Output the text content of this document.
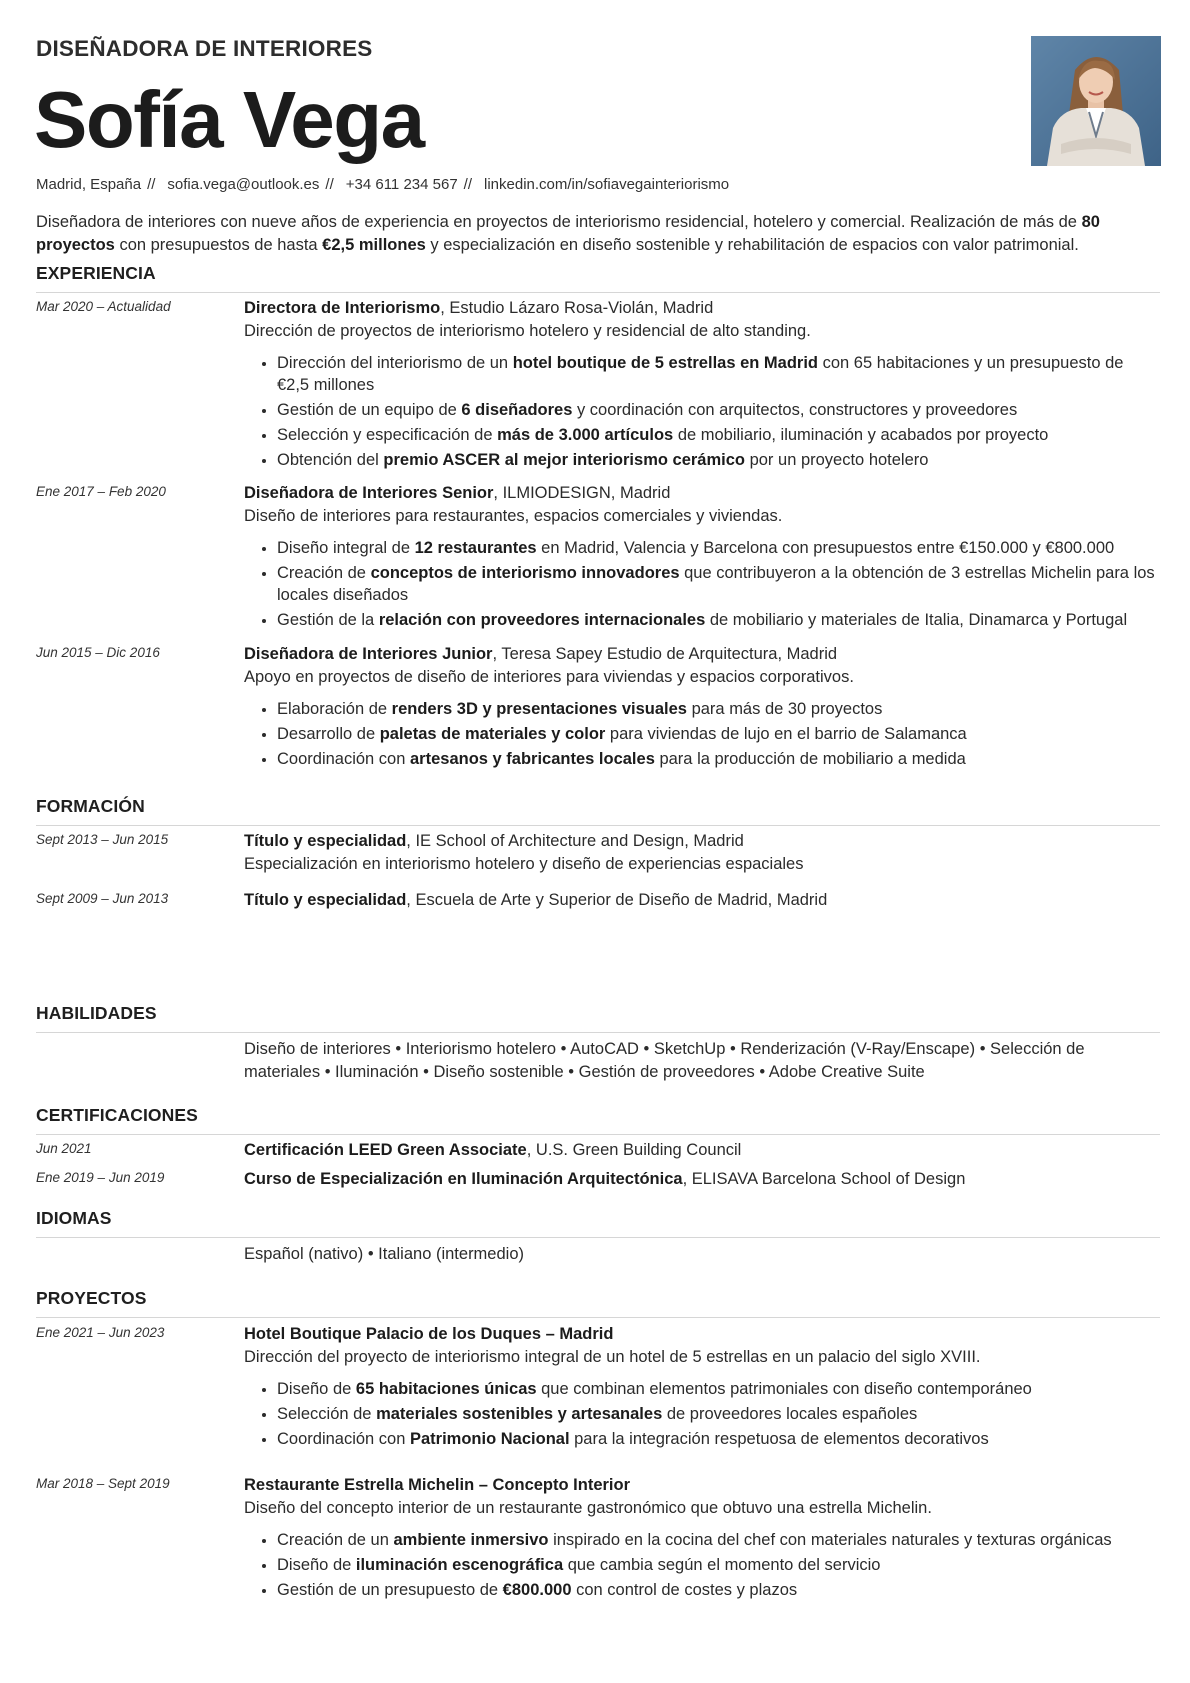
DISEÑADORA DE INTERIORES
Sofía Vega
Madrid, España // sofia.vega@outlook.es // +34 611 234 567 // linkedin.com/in/sofiavegainteriorismo

Diseñadora de interiores con nueve años de experiencia en proyectos de interiorismo residencial, hotelero y comercial. Realización de más de 80 proyectos con presupuestos de hasta €2,5 millones y especialización en diseño sostenible y rehabilitación de espacios con valor patrimonial.

EXPERIENCIA
Mar 2020 – Actualidad	Directora de Interiorismo, Estudio Lázaro Rosa-Violán, Madrid
Dirección de proyectos de interiorismo hotelero y residencial de alto standing.
• Dirección del interiorismo de un hotel boutique de 5 estrellas en Madrid con 65 habitaciones y un presupuesto de €2,5 millones
• Gestión de un equipo de 6 diseñadores y coordinación con arquitectos, constructores y proveedores
• Selección y especificación de más de 3.000 artículos de mobiliario, iluminación y acabados por proyecto
• Obtención del premio ASCER al mejor interiorismo cerámico por un proyecto hotelero
Ene 2017 – Feb 2020	Diseñadora de Interiores Senior, ILMIODESIGN, Madrid
Diseño de interiores para restaurantes, espacios comerciales y viviendas.
• Diseño integral de 12 restaurantes en Madrid, Valencia y Barcelona con presupuestos entre €150.000 y €800.000
• Creación de conceptos de interiorismo innovadores que contribuyeron a la obtención de 3 estrellas Michelin para los locales diseñados
• Gestión de la relación con proveedores internacionales de mobiliario y materiales de Italia, Dinamarca y Portugal
Jun 2015 – Dic 2016	Diseñadora de Interiores Junior, Teresa Sapey Estudio de Arquitectura, Madrid
Apoyo en proyectos de diseño de interiores para viviendas y espacios corporativos.
• Elaboración de renders 3D y presentaciones visuales para más de 30 proyectos
• Desarrollo de paletas de materiales y color para viviendas de lujo en el barrio de Salamanca
• Coordinación con artesanos y fabricantes locales para la producción de mobiliario a medida
FORMACIÓN
Sept 2013 – Jun 2015	Título y especialidad, IE School of Architecture and Design, Madrid
Especialización en interiorismo hotelero y diseño de experiencias espaciales
Sept 2009 – Jun 2013	Título y especialidad, Escuela de Arte y Superior de Diseño de Madrid, Madrid
HABILIDADES
Diseño de interiores • Interiorismo hotelero • AutoCAD • SketchUp • Renderización (V-Ray/Enscape) • Selección de materiales • Iluminación • Diseño sostenible • Gestión de proveedores • Adobe Creative Suite
CERTIFICACIONES
Jun 2021	Certificación LEED Green Associate, U.S. Green Building Council
Ene 2019 – Jun 2019	Curso de Especialización en Iluminación Arquitectónica, ELISAVA Barcelona School of Design
IDIOMAS
Español (nativo) • Italiano (intermedio)
PROYECTOS
Ene 2021 – Jun 2023	Hotel Boutique Palacio de los Duques – Madrid
Dirección del proyecto de interiorismo integral de un hotel de 5 estrellas en un palacio del siglo XVIII.
• Diseño de 65 habitaciones únicas que combinan elementos patrimoniales con diseño contemporáneo
• Selección de materiales sostenibles y artesanales de proveedores locales españoles
• Coordinación con Patrimonio Nacional para la integración respetuosa de elementos decorativos
Mar 2018 – Sept 2019	Restaurante Estrella Michelin – Concepto Interior
Diseño del concepto interior de un restaurante gastronómico que obtuvo una estrella Michelin.
• Creación de un ambiente inmersivo inspirado en la cocina del chef con materiales naturales y texturas orgánicas
• Diseño de iluminación escenográfica que cambia según el momento del servicio
• Gestión de un presupuesto de €800.000 con control de costes y plazos
